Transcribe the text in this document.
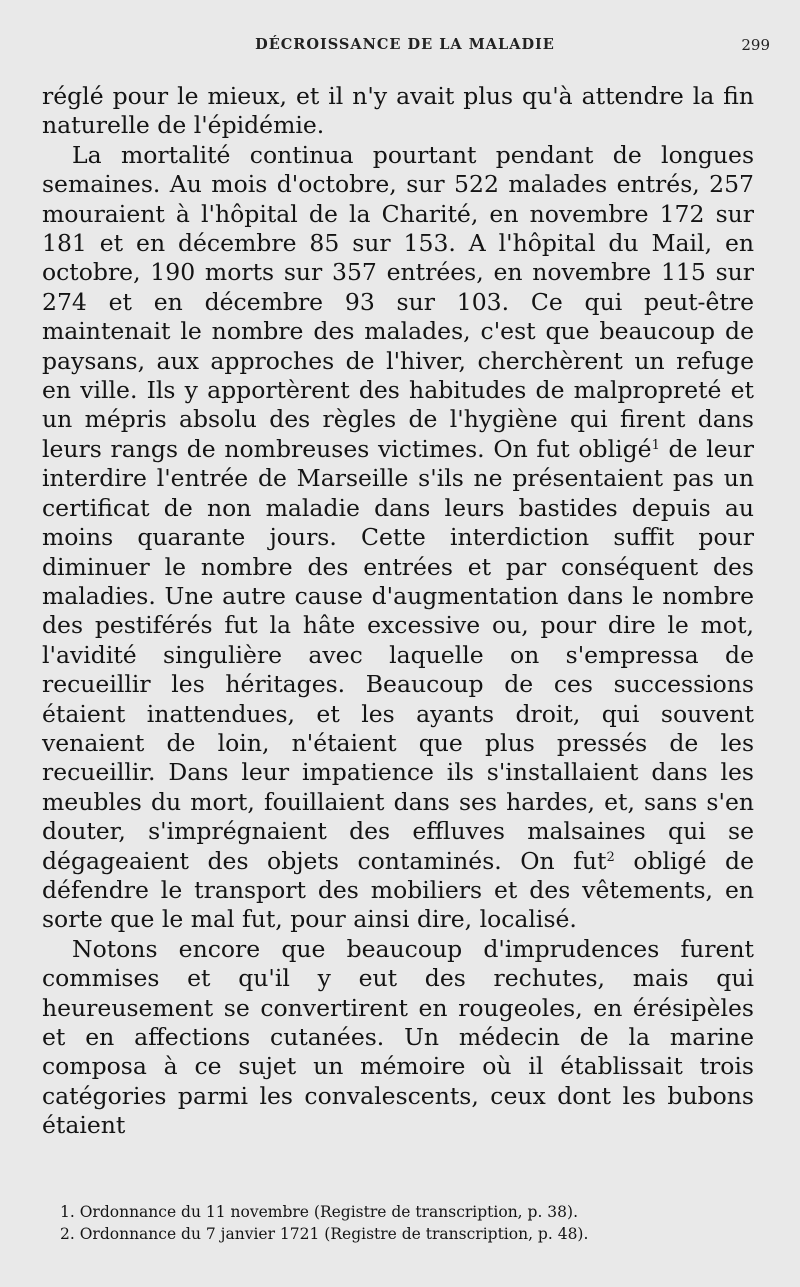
DÉCROISSANCE DE LA MALADIE	299

réglé pour le mieux, et il n'y avait plus qu'à attendre la fin naturelle de l'épidémie.

La mortalité continua pourtant pendant de longues semaines. Au mois d'octobre, sur 522 malades entrés, 257 mouraient à l'hôpital de la Charité, en novembre 172 sur 181 et en décembre 85 sur 153. A l'hôpital du Mail, en octobre, 190 morts sur 357 entrées, en novembre 115 sur 274 et en décembre 93 sur 103. Ce qui peut-être maintenait le nombre des malades, c'est que beaucoup de paysans, aux approches de l'hiver, cherchèrent un refuge en ville. Ils y apportèrent des habitudes de malpropreté et un mépris absolu des règles de l'hygiène qui firent dans leurs rangs de nombreuses victimes. On fut obligé$^1$ de leur interdire l'entrée de Marseille s'ils ne présentaient pas un certificat de non maladie dans leurs bastides depuis au moins quarante jours. Cette interdiction suffit pour diminuer le nombre des entrées et par conséquent des maladies. Une autre cause d'augmentation dans le nombre des pestiférés fut la hâte excessive ou, pour dire le mot, l'avidité singulière avec laquelle on s'empressa de recueillir les héritages. Beaucoup de ces successions étaient inattendues, et les ayants droit, qui souvent venaient de loin, n'étaient que plus pressés de les recueillir. Dans leur impatience ils s'installaient dans les meubles du mort, fouillaient dans ses hardes, et, sans s'en douter, s'imprégnaient des effluves malsaines qui se dégageaient des objets contaminés. On fut$^2$ obligé de défendre le transport des mobiliers et des vêtements, en sorte que le mal fut, pour ainsi dire, localisé.

Notons encore que beaucoup d'imprudences furent commises et qu'il y eut des rechutes, mais qui heureusement se convertirent en rougeoles, en érésipèles et en affections cutanées. Un médecin de la marine composa à ce sujet un mémoire où il établissait trois catégories parmi les convalescents, ceux dont les bubons étaient

1. Ordonnance du 11 novembre (Registre de transcription, p. 38).
2. Ordonnance du 7 janvier 1721 (Registre de transcription, p. 48).
